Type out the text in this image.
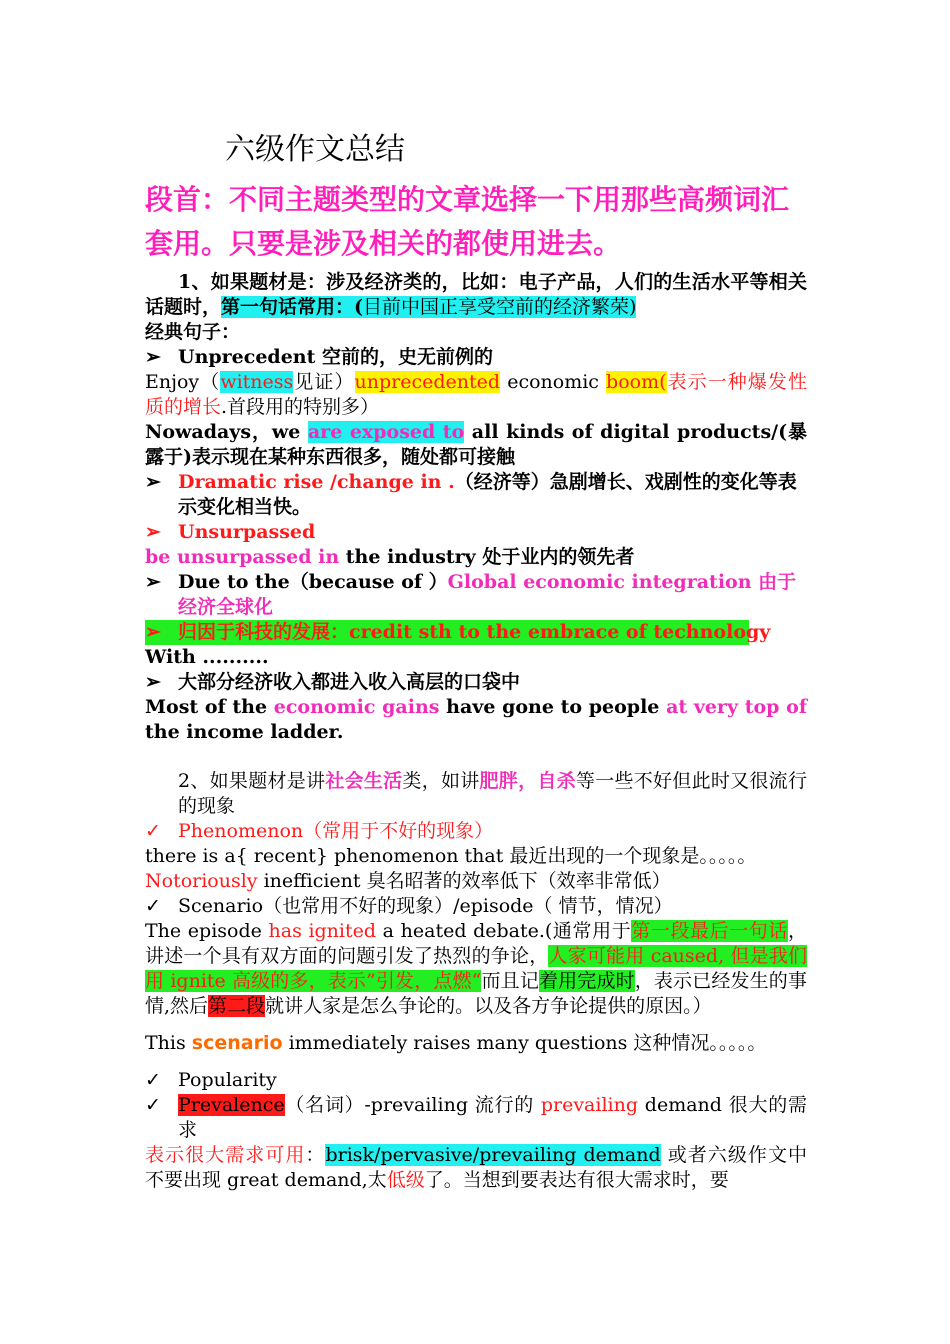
六级作文总结
段首：不同主题类型的文章选择一下用那些高频词汇套用。只要是涉及相关的都使用进去。

1、如果题材是：涉及经济类的，比如：电子产品，人们的生活水平等相关话题时，第一句话常用：(目前中国正享受空前的经济繁荣)

经典句子：

➢ Unprecedent 空前的，史无前例的

Enjoy（witness见证）unprecedented economic boom(表示一种爆发性质的增长.首段用的特别多）

Nowadays，we are exposed to all kinds of digital products/(暴露于)表示现在某种东西很多，随处都可接触

➢ Dramatic rise /change in .（经济等）急剧增长、戏剧性的变化等表示变化相当快。

➢ Unsurpassed

be unsurpassed in the industry 处于业内的领先者

➢ Due to the（because of ）Global economic integration 由于经济全球化

➢ 归因于科技的发展：credit sth to the embrace of technology

With ..........

➢ 大部分经济收入都进入收入高层的口袋中

Most of the economic gains have gone to people at very top of the income ladder.

2、如果题材是讲社会生活类，如讲肥胖，自杀等一些不好但此时又很流行的现象

✓ Phenomenon（常用于不好的现象）

there is a{ recent} phenomenon that 最近出现的一个现象是。。。。。

Notoriously inefficient 臭名昭著的效率低下（效率非常低）

✓ Scenario（也常用不好的现象）/episode（ 情节，情况）

The episode has ignited a heated debate.(通常用于第一段最后一句话，讲述一个具有双方面的问题引发了热烈的争论，人家可能用 caused, 但是我们用 ignite 高级的多，表示”引发，点燃“而且记着用完成时，表示已经发生的事情,然后第二段就讲人家是怎么争论的。以及各方争论提供的原因。）

This scenario immediately raises many questions 这种情况。。。。。

✓ Popularity

✓ Prevalence（名词）-prevailing 流行的 prevailing demand 很大的需求

表示很大需求可用：brisk/pervasive/prevailing demand 或者六级作文中不要出现 great demand,太低级了。当想到要表达有很大需求时，要
